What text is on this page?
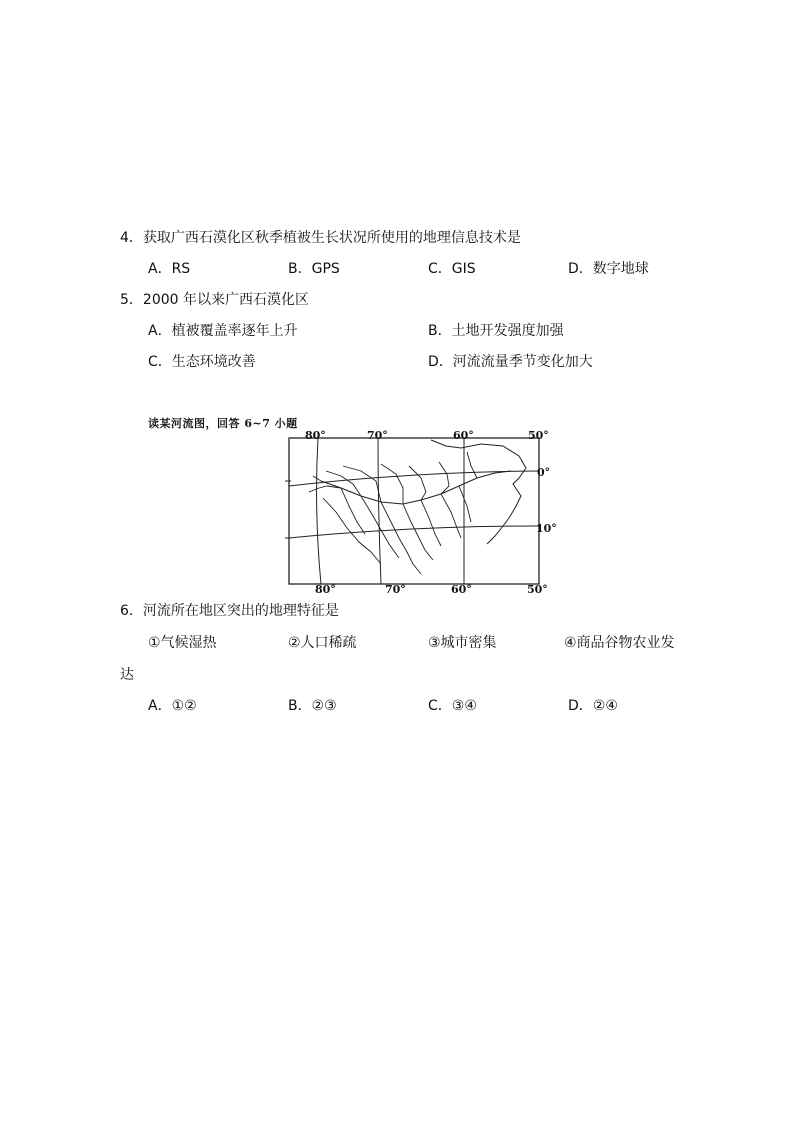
4．获取广西石漠化区秋季植被生长状况所使用的地理信息技术是
A．RS	B．GPS	C．GIS	D．数字地球
5．2000 年以来广西石漠化区
A．植被覆盖率逐年上升	B．土地开发强度加强
C．生态环境改善	D．河流流量季节变化加大
读某河流图，回答 6~7 小题
80°	70°	60°	50°
80°	70°	60°	50°
0°
10°
6．河流所在地区突出的地理特征是
①气候湿热	②人口稀疏	③城市密集	④商品谷物农业发
达
A．①②	B．②③	C．③④	D．②④
